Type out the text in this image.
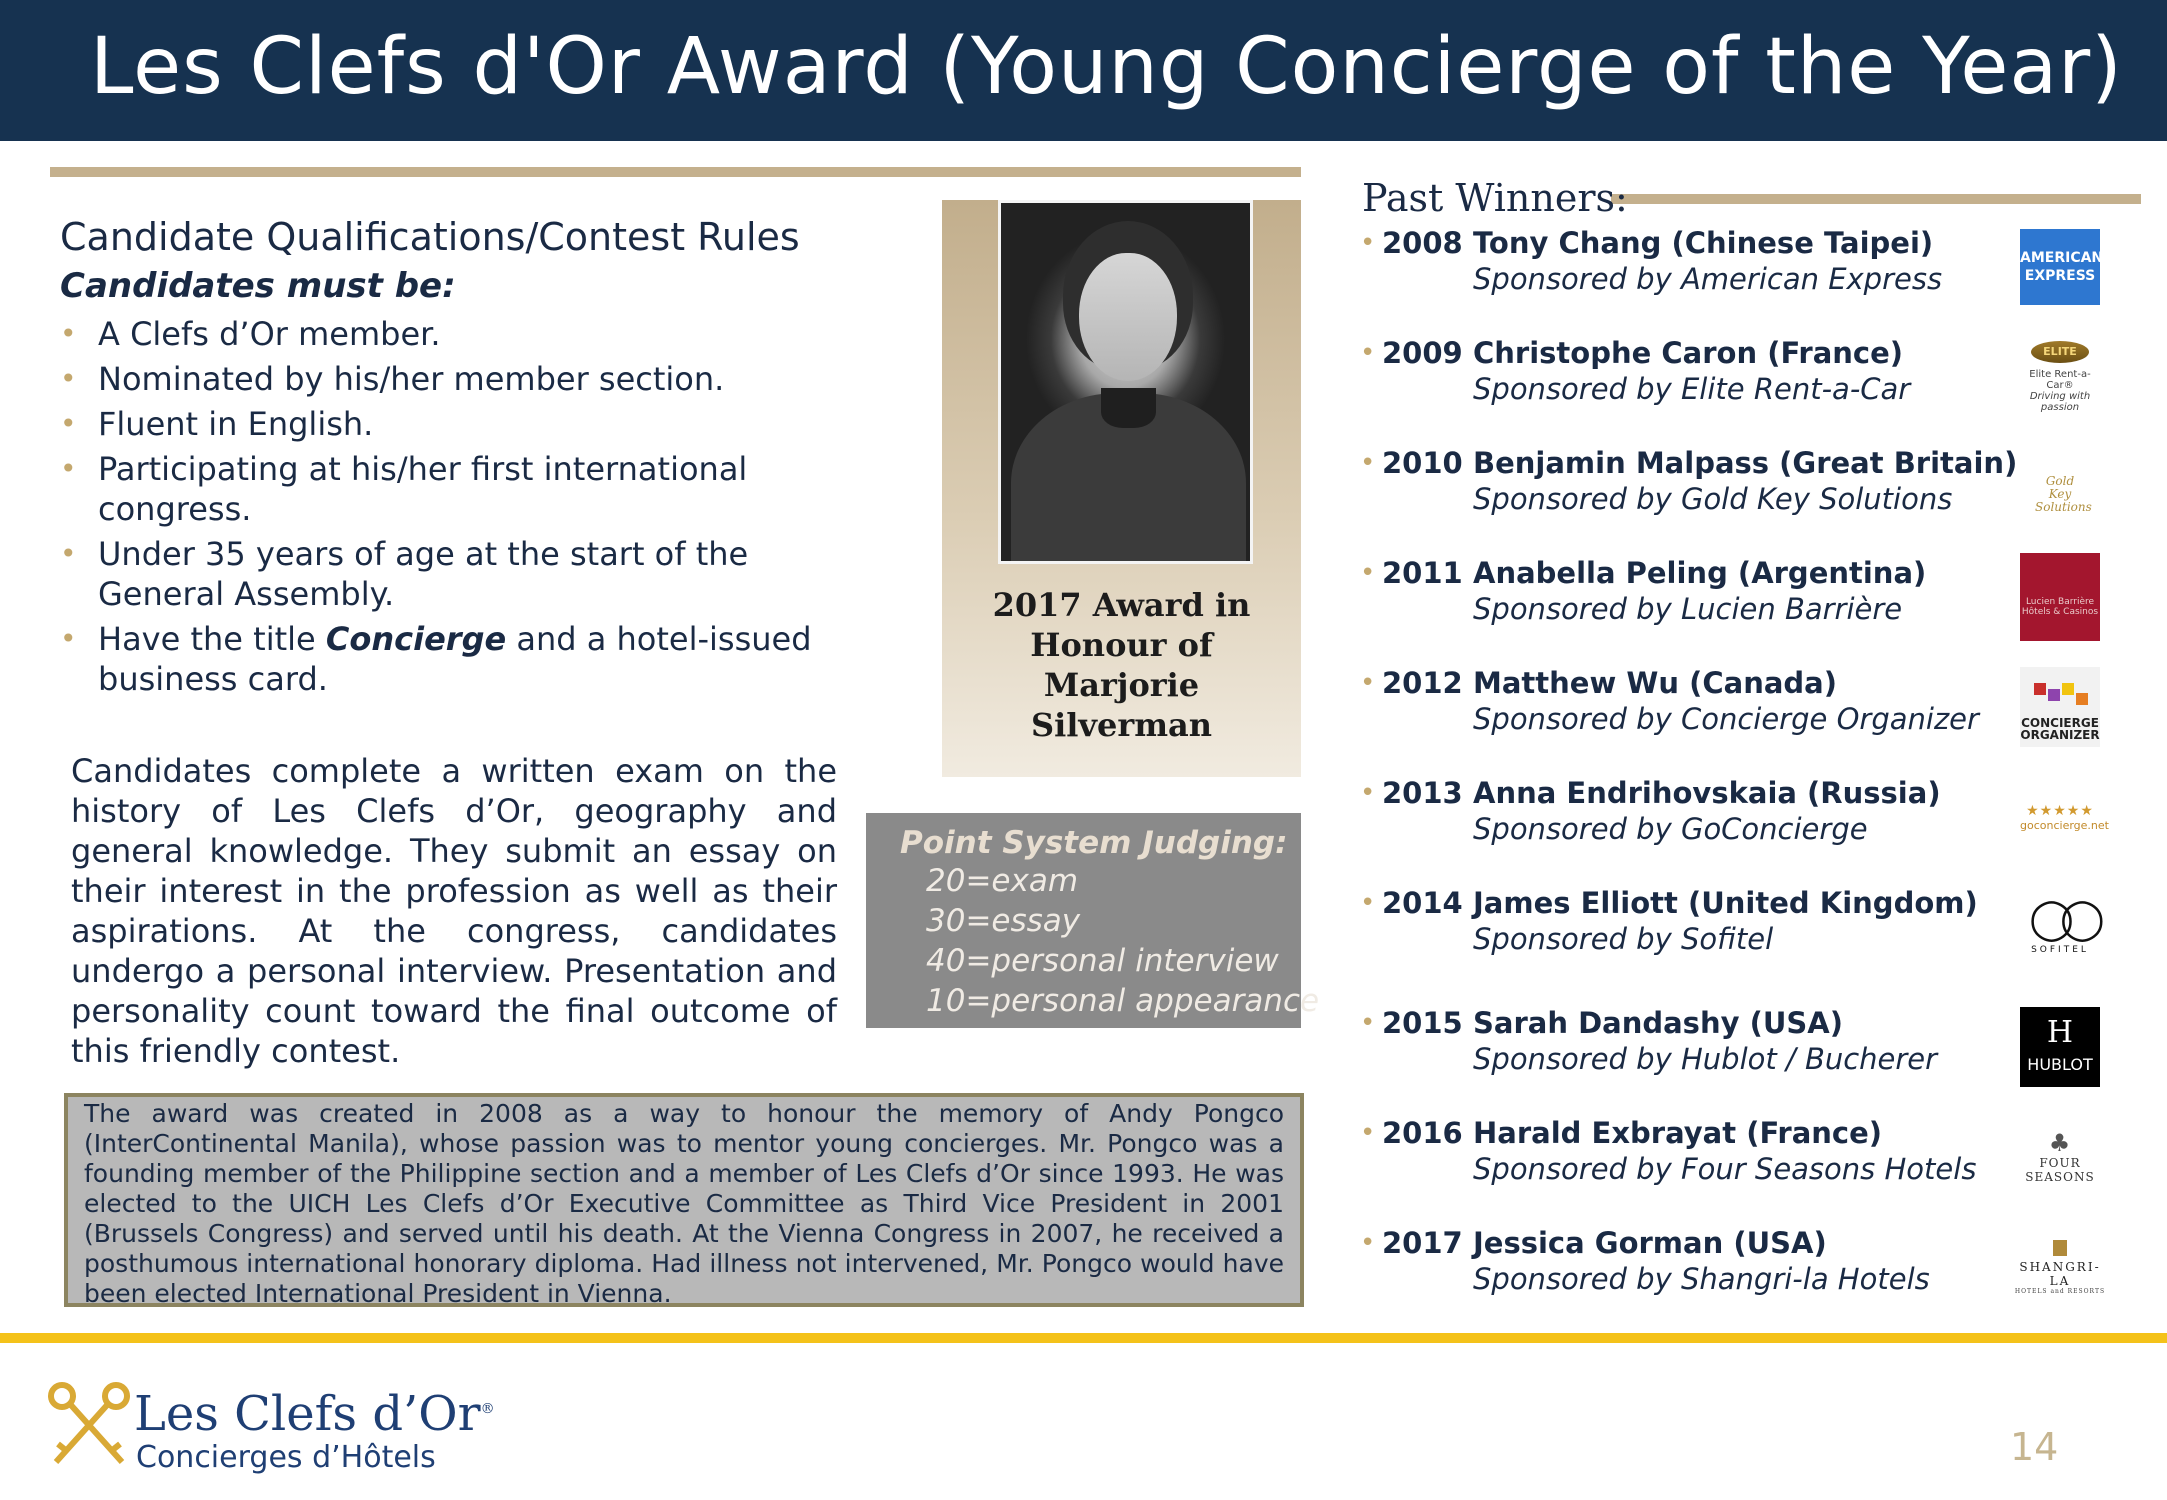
Les Clefs d'Or Award (Young Concierge of the Year)
Candidate Qualifications/Contest Rules
Candidates must be:
• A Clefs d’Or member.
• Nominated by his/her member section.
• Fluent in English.
• Participating at his/her first international congress.
• Under 35 years of age at the start of the General Assembly.
• Have the title Concierge and a hotel-issued business card.

Candidates complete a written exam on the history of Les Clefs d’Or, geography and general knowledge. They submit an essay on their interest in the profession as well as their aspirations. At the congress, candidates undergo a personal interview. Presentation and personality count toward the final outcome of this friendly contest.

2017 Award in
Honour of
Marjorie
Silverman
Point System Judging:
20=exam
30=essay
40=personal interview
10=personal appearance

The award was created in 2008 as a way to honour the memory of Andy Pongco (InterContinental Manila), whose passion was to mentor young concierges. Mr. Pongco was a founding member of the Philippine section and a member of Les Clefs d’Or since 1993. He was elected to the UICH Les Clefs d’Or Executive Committee as Third Vice President in 2001 (Brussels Congress) and served until his death. At the Vienna Congress in 2007, he received a posthumous international honorary diploma. Had illness not intervened, Mr. Pongco would have been elected International President in Vienna.

Past Winners:
• 2008 Tony Chang (Chinese Taipei)
Sponsored by American Express
AMERICAN EXPRESS
• 2009 Christophe Caron (France)
Sponsored by Elite Rent-a-Car
ELITE
Elite Rent-a-Car®
Driving with passion
• 2010 Benjamin Malpass (Great Britain)
Sponsored by Gold Key Solutions
Gold Key
Solutions
• 2011 Anabella Peling (Argentina)
Sponsored by Lucien Barrière	Lucien Barrière
Hôtels & Casinos
• 2012 Matthew Wu (Canada)
Sponsored by Concierge Organizer	CONCIERGE
ORGANIZER
• 2013 Anna Endrihovskaia (Russia)
Sponsored by GoConcierge
★★★★★
goconcierge.net
• 2014 James Elliott (United Kingdom)
Sponsored by Sofitel	◯◯
SOFITEL
• 2015 Sarah Dandashy (USA)
Sponsored by Hublot / Bucherer
H
HUBLOT
• 2016 Harald Exbrayat (France)
Sponsored by Four Seasons Hotels
♣
FOUR SEASONS
• 2017 Jessica Gorman (USA)
Sponsored by Shangri-la Hotels	SHANGRI-LA
HOTELS and RESORTS
Les Clefs d’Or®
Concierges d’Hôtels	14
